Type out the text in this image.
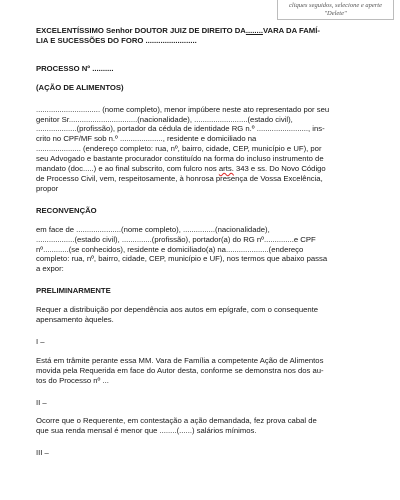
cliques seguidos, selecione e aperte "Delete"

EXCELENTÍSSIMO Senhor DOUTOR JUIZ DE DIREITO DA........VARA DA FAMÍ-

LIA E SUCESSÕES DO FORO ........................

PROCESSO Nº ..........

(AÇÃO DE ALIMENTOS)

.............................. (nome completo), menor impúbere neste ato representado por seu

genitor Sr................................(nacionalidade), .........................(estado civil),

...................(profissão), portador da cédula de identidade RG n.º ........................, ins-

crito no CPF/MF sob n.º ...................., residente e domiciliado na

..................... (endereço completo: rua, nº, bairro, cidade, CEP, município e UF), por

seu Advogado e bastante procurador constituído na forma do incluso instrumento de

mandato (doc.....) e ao final subscrito, com fulcro nos arts. 343 e ss. Do Novo Código

de Processo Civil, vem, respeitosamente, à honrosa presença de Vossa Excelência,

propor

RECONVENÇÃO

em face de .....................(nome completo), ...............(nacionalidade),

..................(estado civil), ..............(profissão), portador(a) do RG nº..............e CPF

nº............(se conhecidos), residente e domiciliado(a) na....................(endereço

completo: rua, nº, bairro, cidade, CEP, município e UF), nos termos que abaixo passa

a expor:

PRELIMINARMENTE

Requer a distribuição por dependência aos autos em epígrafe, com o consequente

apensamento àqueles.

I –

Está em trâmite perante essa MM. Vara de Família a competente Ação de Alimentos

movida pela Requerida em face do Autor desta, conforme se demonstra nos dos au-

tos do Processo nº ...

II –

Ocorre que o Requerente, em contestação a ação demandada, fez prova cabal de

que sua renda mensal é menor que ........(......) salários mínimos.

III –
